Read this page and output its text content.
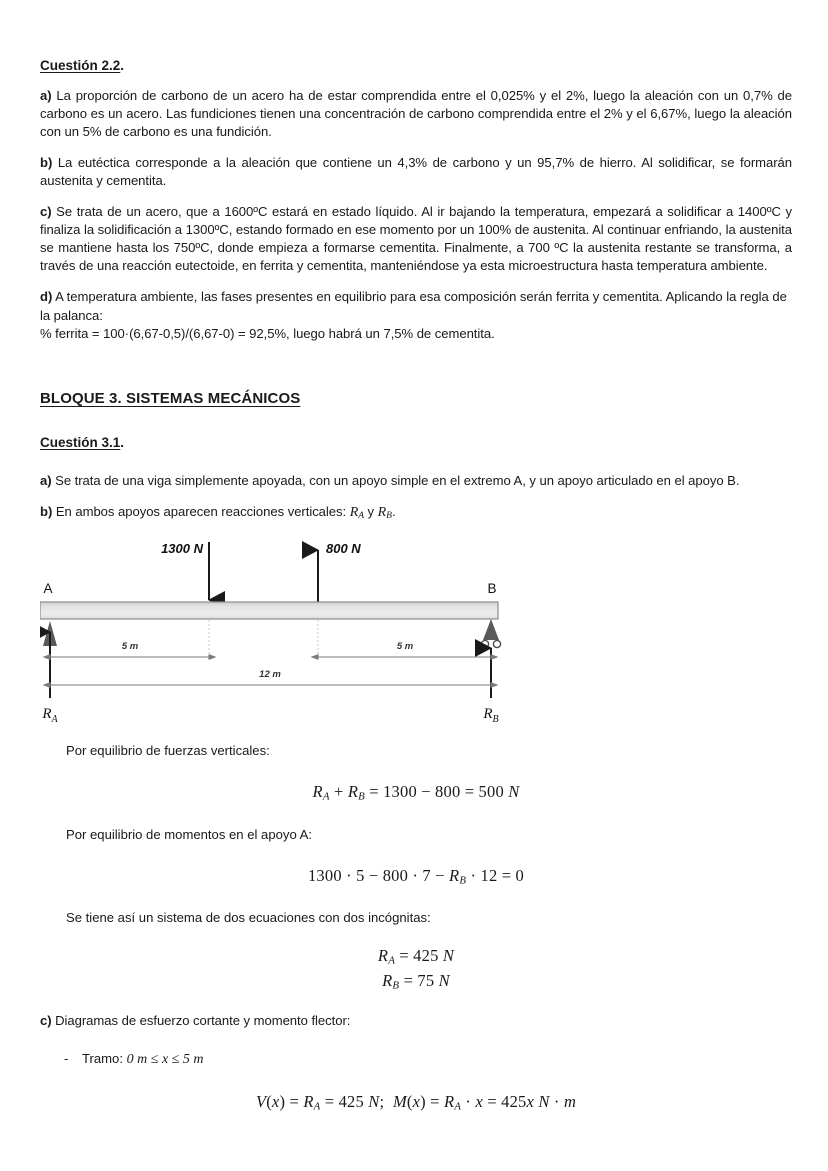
Cuestión 2.2.

a) La proporción de carbono de un acero ha de estar comprendida entre el 0,025% y el 2%, luego la aleación con un 0,7% de carbono es un acero. Las fundiciones tienen una concentración de carbono comprendida entre el 2% y el 6,67%, luego la aleación con un 5% de carbono es una fundición.

b) La eutéctica corresponde a la aleación que contiene un 4,3% de carbono y un 95,7% de hierro. Al solidificar, se formarán austenita y cementita.

c) Se trata de un acero, que a 1600ºC estará en estado líquido. Al ir bajando la temperatura, empezará a solidificar a 1400ºC y finaliza la solidificación a 1300ºC, estando formado en ese momento por un 100% de austenita. Al continuar enfriando, la austenita se mantiene hasta los 750ºC, donde empieza a formarse cementita. Finalmente, a 700 ºC la austenita restante se transforma, a través de una reacción eutectoide, en ferrita y cementita, manteniéndose ya esta microestructura hasta temperatura ambiente.

d) A temperatura ambiente, las fases presentes en equilibrio para esa composición serán ferrita y cementita. Aplicando la regla de la palanca:

% ferrita = 100·(6,67-0,5)/(6,67-0) = 92,5%, luego habrá un 7,5% de cementita.

BLOQUE 3. SISTEMAS MECÁNICOS
Cuestión 3.1.

a) Se trata de una viga simplemente apoyada, con un apoyo simple en el extremo A, y un apoyo articulado en el apoyo B.

b) En ambos apoyos aparecen reacciones verticales: $R_A$ y $R_B$.

1300 N	800 N
A	B
5 m	5 m
12 m
$R_A$	$R_B$

Por equilibrio de fuerzas verticales:

$R_A + R_B = 1300 - 800 = 500$ N

Por equilibrio de momentos en el apoyo A:

$1300 \cdot 5 - 800 \cdot 7 - R_B \cdot 12 = 0$

Se tiene así un sistema de dos ecuaciones con dos incógnitas:

$R_A = 425$ N
$R_B = 75$ N

c) Diagramas de esfuerzo cortante y momento flector:

- Tramo: 0 m ≤ x ≤ 5 m

$V(x) = R_A = 425$ N;  $M(x) = R_A \cdot x = 425x$ N · m
